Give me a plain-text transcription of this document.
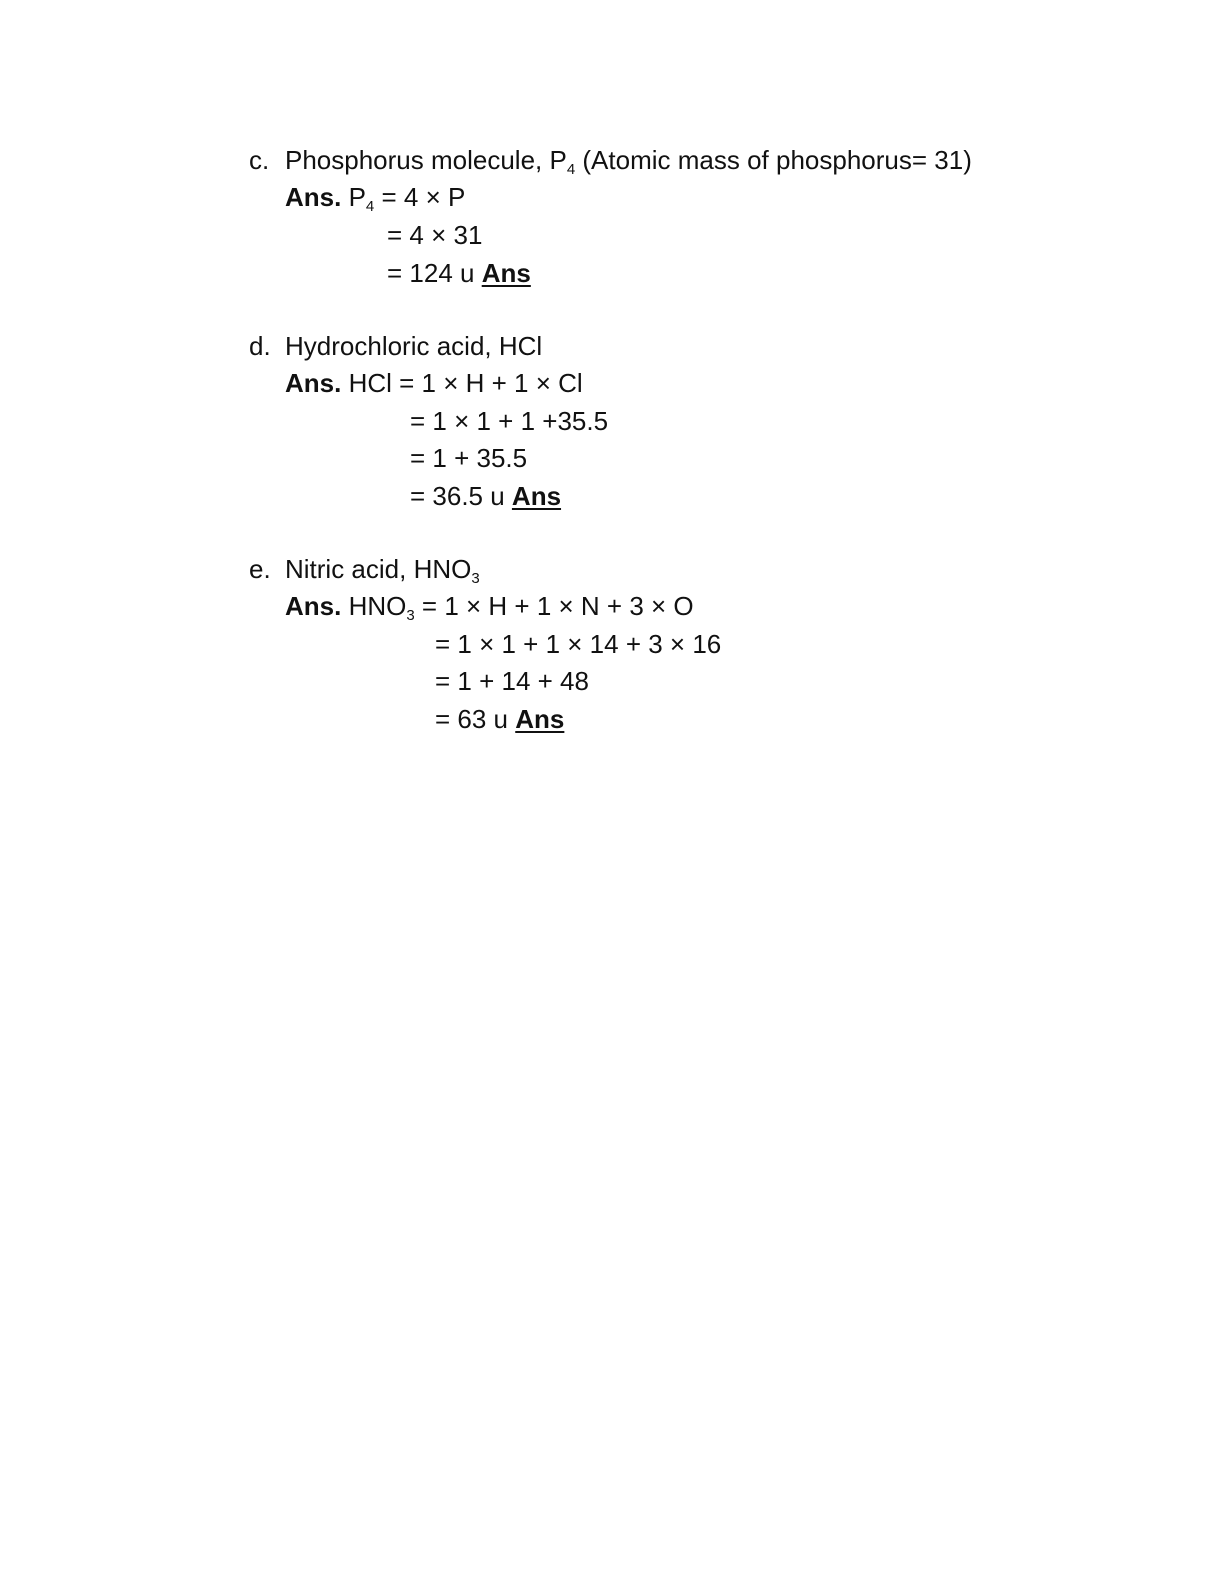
c. Phosphorus molecule, $P_4$ (Atomic mass of phosphorus= 31)
Ans. $P_4 = 4 \times P$
= 4 × 31
= 124 u Ans
d. Hydrochloric acid, HCl
Ans. HCl = 1 × H + 1 × Cl
= 1 × 1 + 1 +35.5
= 1 + 35.5
= 36.5 u Ans
e. Nitric acid, $HNO_3$
Ans. $HNO_3 = 1 \times H + 1 \times N + 3 \times O$
= 1 × 1 + 1 × 14 + 3 × 16
= 1 + 14 + 48
= 63 u Ans
